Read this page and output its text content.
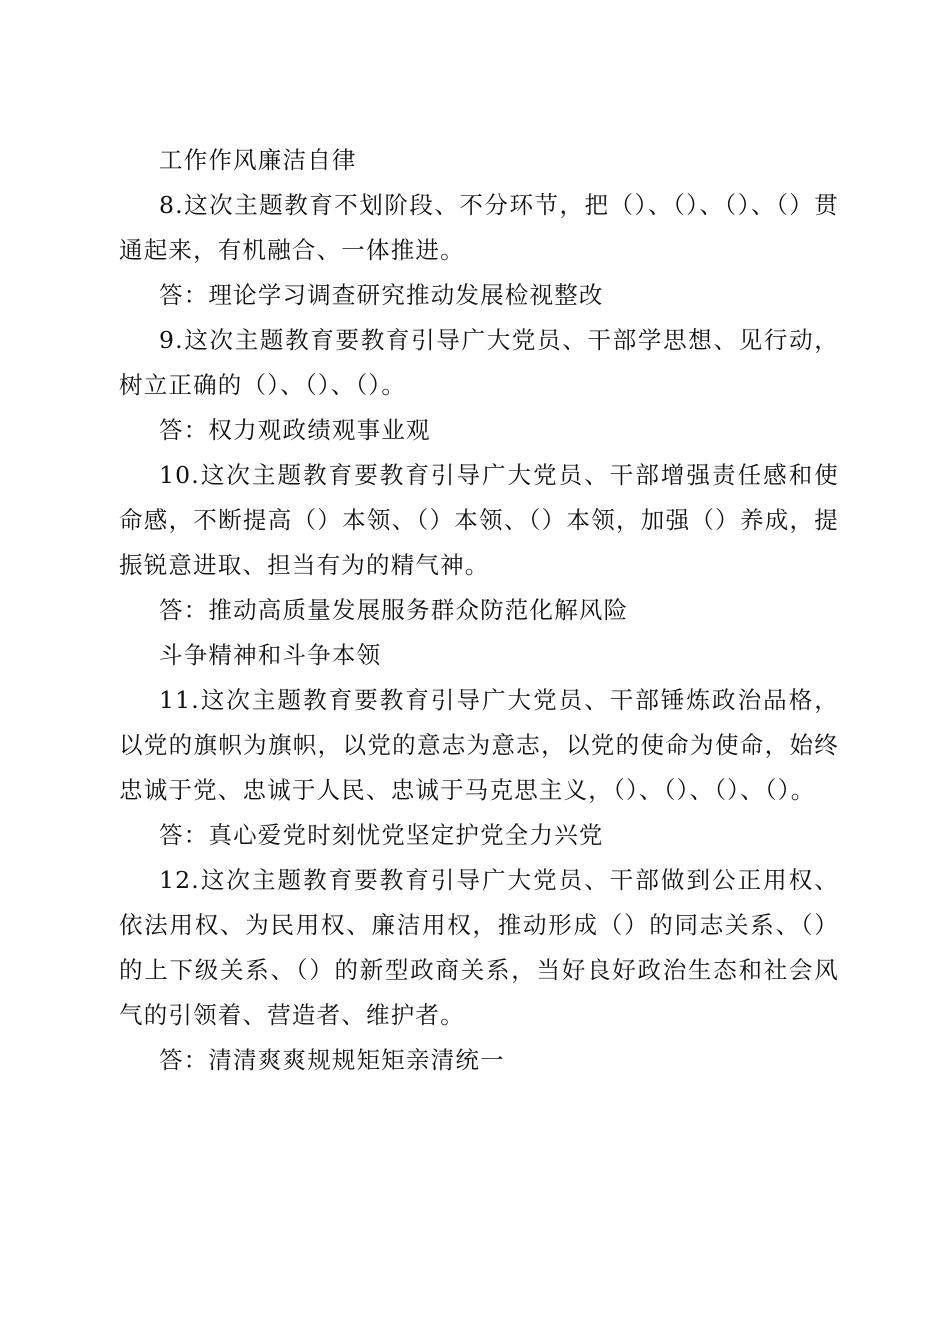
工作作风廉洁自律

8.这次主题教育不划阶段、不分环节，把（）、（）、（）、（）贯通起来，有机融合、一体推进。

答：理论学习调查研究推动发展检视整改

9.这次主题教育要教育引导广大党员、干部学思想、见行动，树立正确的（）、（）、（）。

答：权力观政绩观事业观

10.这次主题教育要教育引导广大党员、干部增强责任感和使命感，不断提高（）本领、（）本领、（）本领，加强（）养成，提振锐意进取、担当有为的精气神。

答：推动高质量发展服务群众防范化解风险

斗争精神和斗争本领

11.这次主题教育要教育引导广大党员、干部锤炼政治品格，以党的旗帜为旗帜，以党的意志为意志，以党的使命为使命，始终忠诚于党、忠诚于人民、忠诚于马克思主义，（）、（）、（）、（）。

答：真心爱党时刻忧党坚定护党全力兴党

12.这次主题教育要教育引导广大党员、干部做到公正用权、依法用权、为民用权、廉洁用权，推动形成（）的同志关系、（）的上下级关系、（）的新型政商关系，当好良好政治生态和社会风气的引领着、营造者、维护者。

答：清清爽爽规规矩矩亲清统一
